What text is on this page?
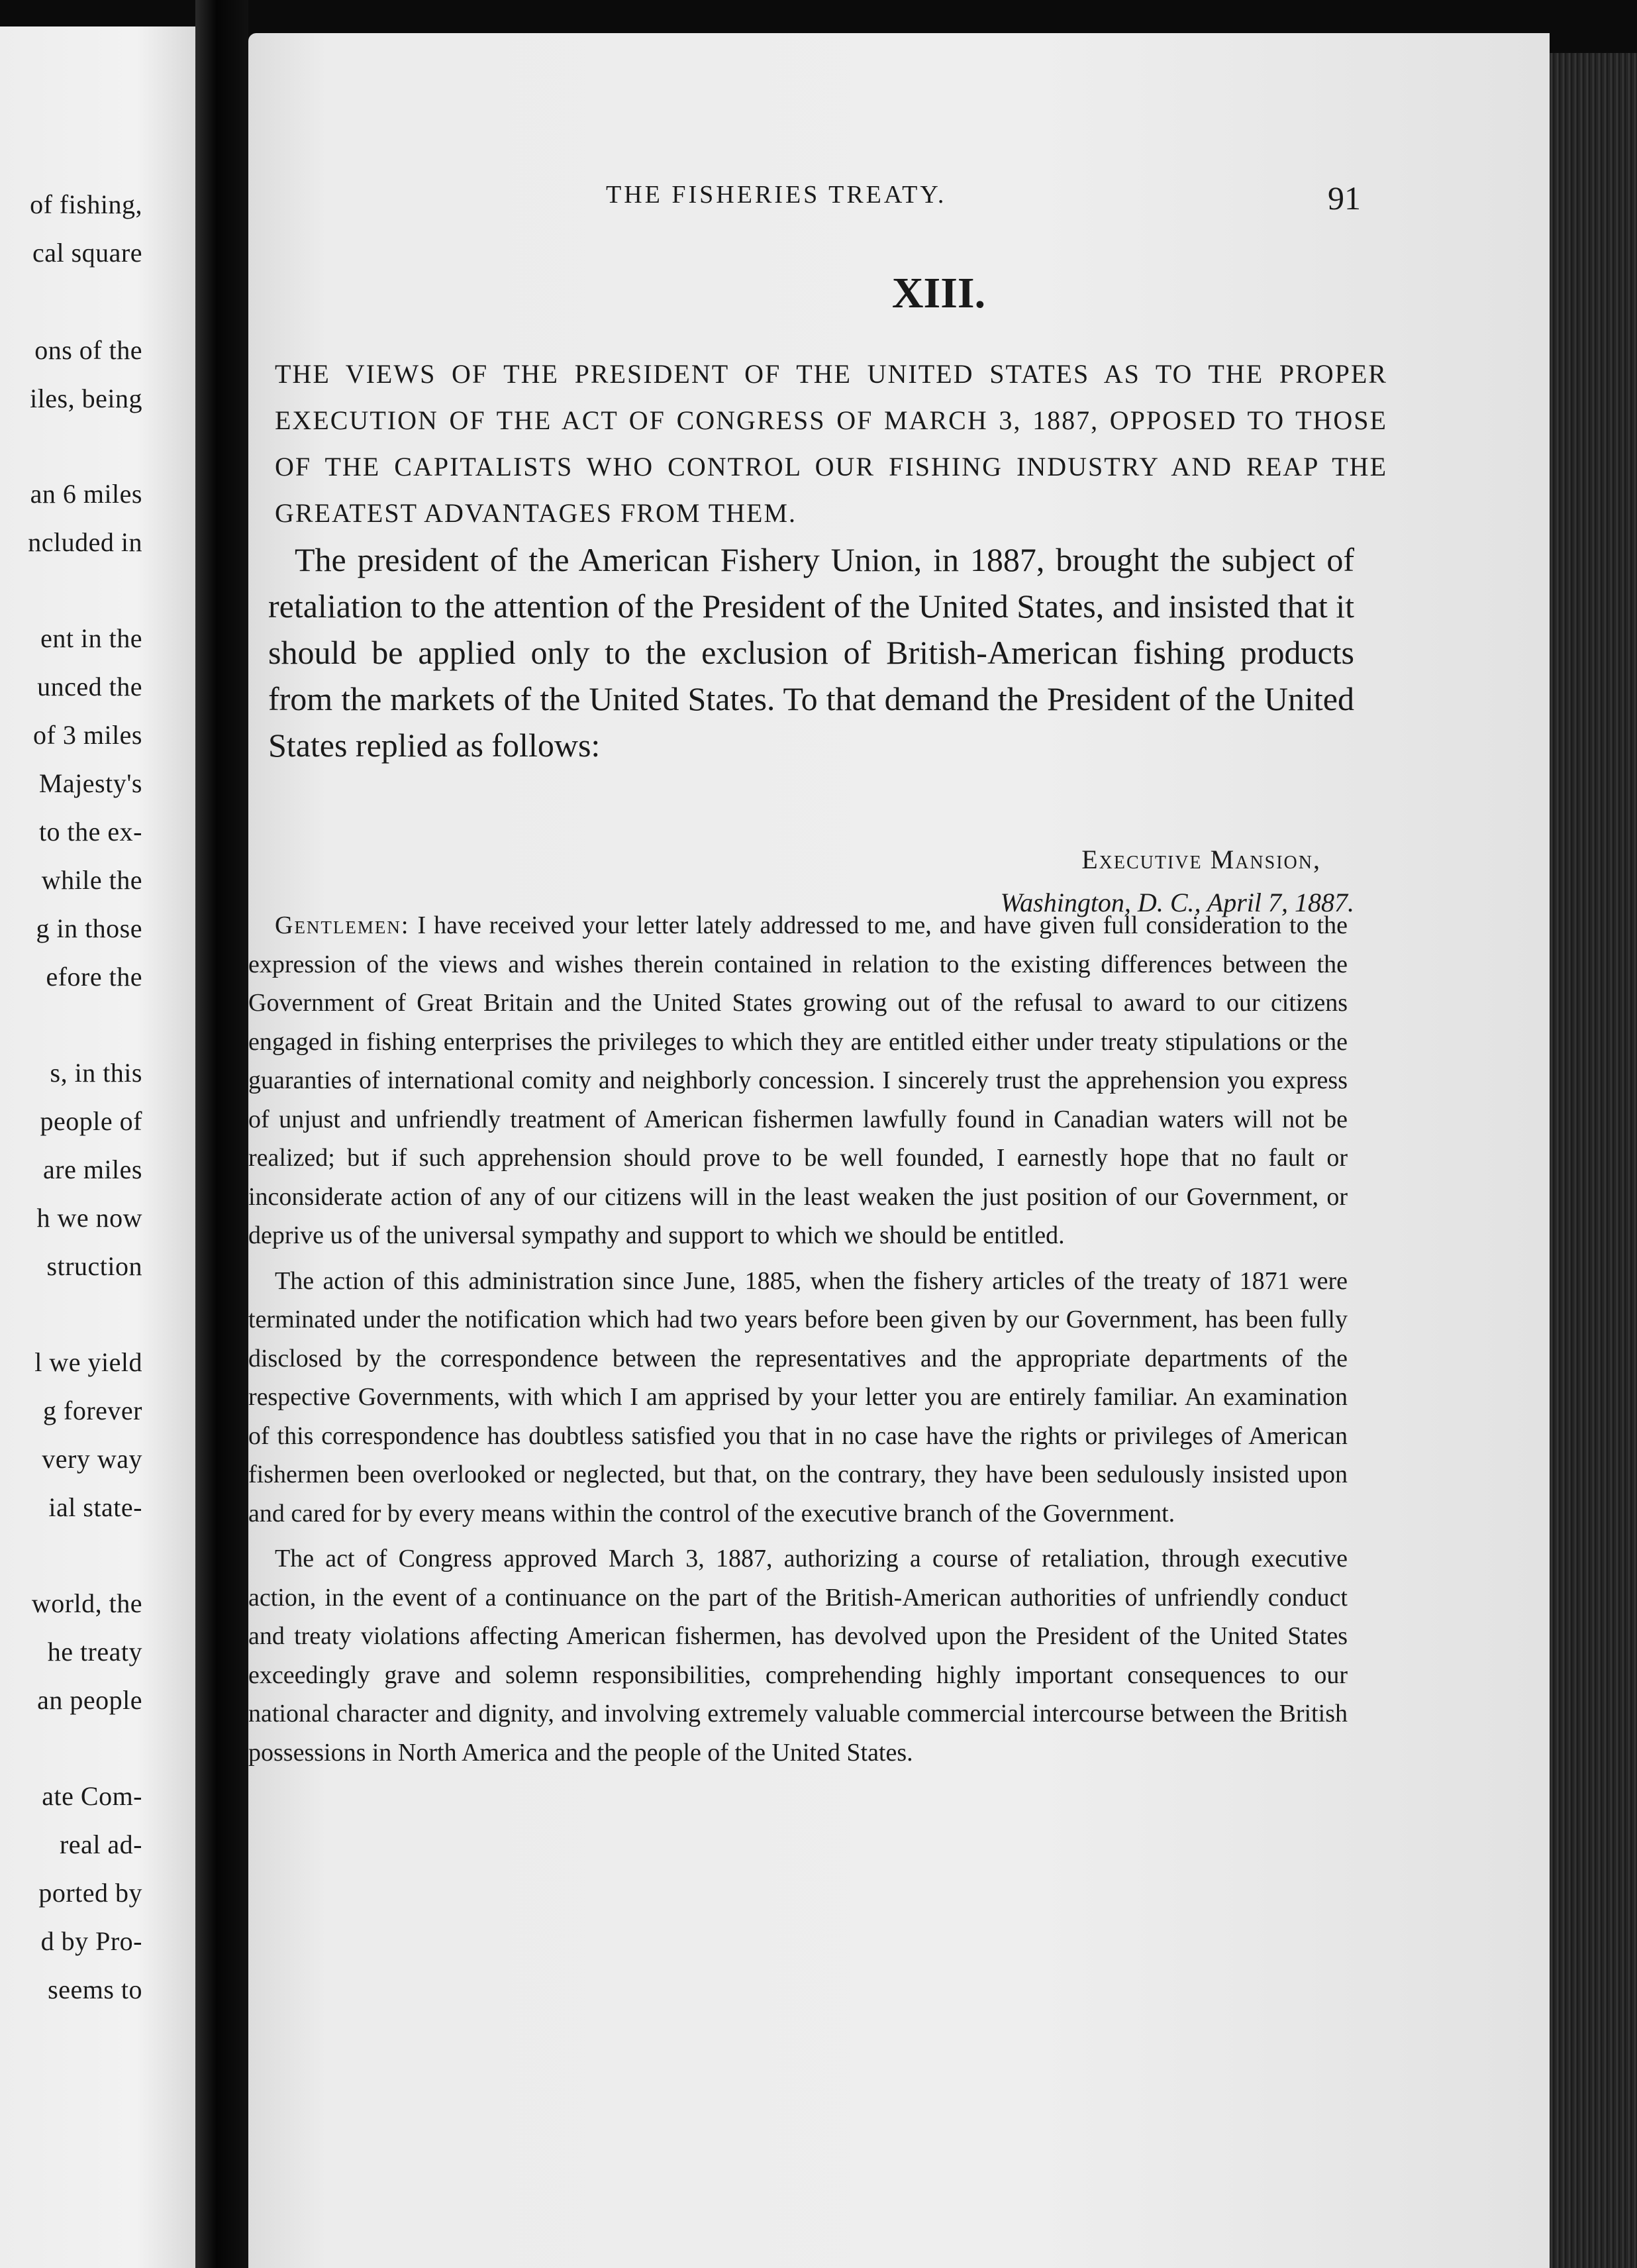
of fishing,
cal square
ons of the
iles, being
an 6 miles
ncluded in
ent in the
unced the
of 3 miles
Majesty's
to the ex-
while the
g in those
efore the
s, in this
people of
are miles
h we now
struction
l we yield
g forever
very way
ial state-
world, the
he treaty
an people
ate Com-
real ad-
ported by
d by Pro-
seems to
THE FISHERIES TREATY.	91
XIII.
THE VIEWS OF THE PRESIDENT OF THE UNITED STATES AS TO THE PROPER EXECUTION OF THE ACT OF CONGRESS OF MARCH 3, 1887, OPPOSED TO THOSE OF THE CAPITALISTS WHO CONTROL OUR FISHING INDUSTRY AND REAP THE GREATEST ADVANTAGES FROM THEM.
The president of the American Fishery Union, in 1887, brought the subject of retaliation to the attention of the President of the United States, and insisted that it should be applied only to the exclusion of British-American fishing products from the markets of the United States. To that demand the President of the United States replied as follows:
Executive Mansion,
Washington, D. C., April 7, 1887.

Gentlemen: I have received your letter lately addressed to me, and have given full consideration to the expression of the views and wishes therein contained in relation to the existing differences between the Government of Great Britain and the United States growing out of the refusal to award to our citizens engaged in fishing enterprises the privileges to which they are entitled either under treaty stipulations or the guaranties of international comity and neighborly concession. I sincerely trust the apprehension you express of unjust and unfriendly treatment of American fishermen lawfully found in Canadian waters will not be realized; but if such apprehension should prove to be well founded, I earnestly hope that no fault or inconsiderate action of any of our citizens will in the least weaken the just position of our Government, or deprive us of the universal sympathy and support to which we should be entitled.

The action of this administration since June, 1885, when the fishery articles of the treaty of 1871 were terminated under the notification which had two years before been given by our Government, has been fully disclosed by the correspondence between the representatives and the appropriate departments of the respective Governments, with which I am apprised by your letter you are entirely familiar. An examination of this correspondence has doubtless satisfied you that in no case have the rights or privileges of American fishermen been overlooked or neglected, but that, on the contrary, they have been sedulously insisted upon and cared for by every means within the control of the executive branch of the Government.

The act of Congress approved March 3, 1887, authorizing a course of retaliation, through executive action, in the event of a continuance on the part of the British-American authorities of unfriendly conduct and treaty violations affecting American fishermen, has devolved upon the President of the United States exceedingly grave and solemn responsibilities, comprehending highly important consequences to our national character and dignity, and involving extremely valuable commercial intercourse between the British possessions in North America and the people of the United States.
